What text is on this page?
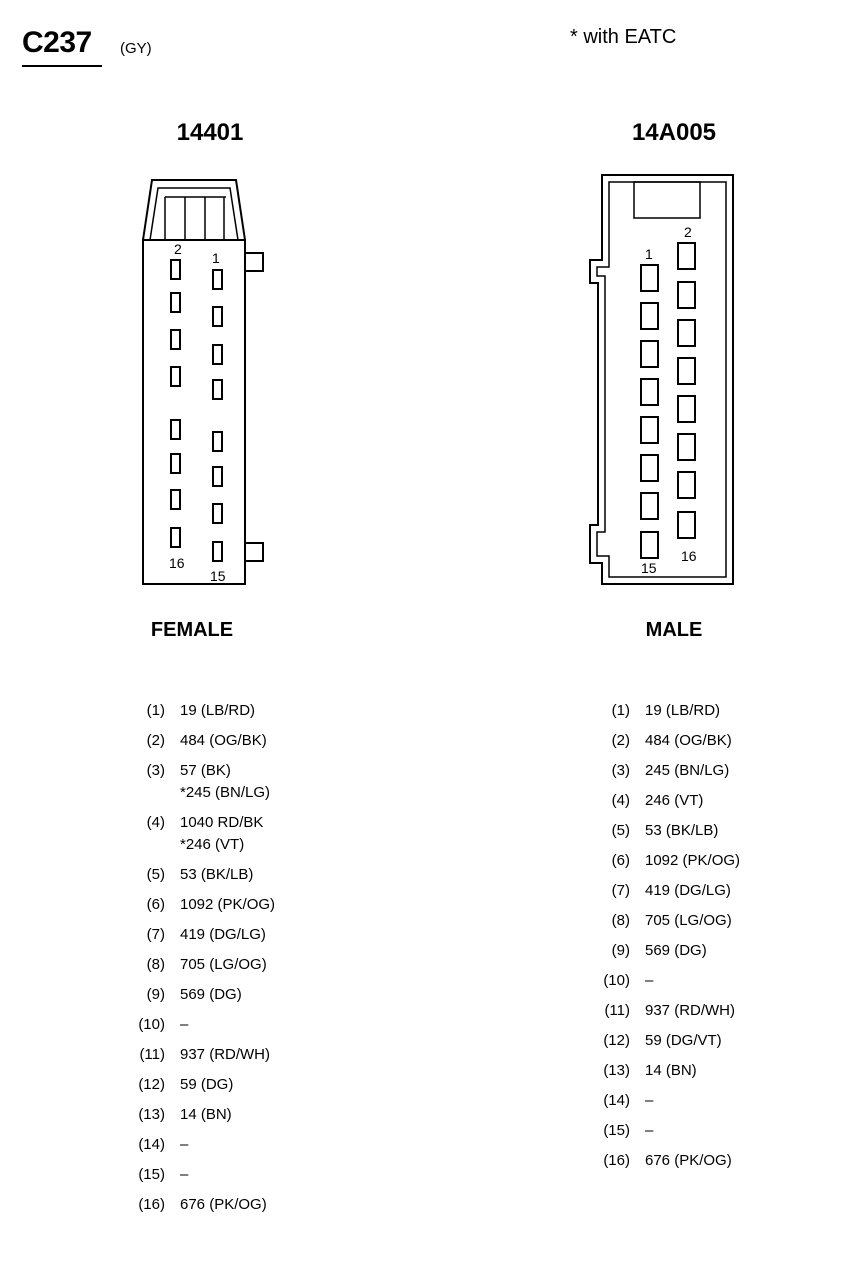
C237 (GY)
* with EATC
14401	14A005
2
1
16
15
1
2
15
16
FEMALE	MALE
(1) 19 (LB/RD)
(2) 484 (OG/BK)
(3) 57 (BK)
*245 (BN/LG)
(4) 1040 RD/BK
*246 (VT)
(5) 53 (BK/LB)
(6) 1092 (PK/OG)
(7) 419 (DG/LG)
(8) 705 (LG/OG)
(9) 569 (DG)
(10) –
(11) 937 (RD/WH)
(12) 59 (DG)
(13) 14 (BN)
(14) –
(15) –
(16) 676 (PK/OG)
(1) 19 (LB/RD)
(2) 484 (OG/BK)
(3) 245 (BN/LG)
(4) 246 (VT)
(5) 53 (BK/LB)
(6) 1092 (PK/OG)
(7) 419 (DG/LG)
(8) 705 (LG/OG)
(9) 569 (DG)
(10) –
(11) 937 (RD/WH)
(12) 59 (DG/VT)
(13) 14 (BN)
(14) –
(15) –
(16) 676 (PK/OG)
